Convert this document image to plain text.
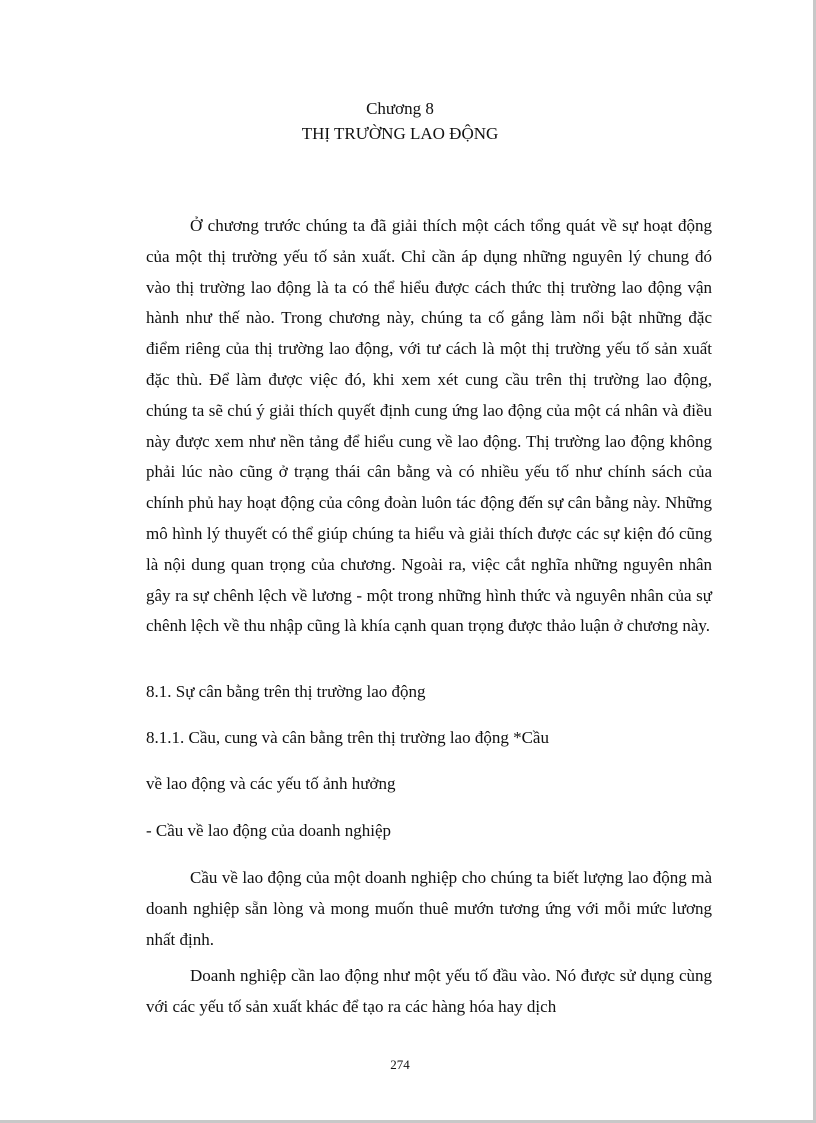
Chương 8
THỊ TRƯỜNG LAO ĐỘNG

Ở chương trước chúng ta đã giải thích một cách tổng quát về sự hoạt động của một thị trường yếu tố sản xuất. Chỉ cần áp dụng những nguyên lý chung đó vào thị trường lao động là ta có thể hiểu được cách thức thị trường lao động vận hành như thế nào. Trong chương này, chúng ta cố gắng làm nổi bật những đặc điểm riêng của thị trường lao động, với tư cách là một thị trường yếu tố sản xuất đặc thù. Để làm được việc đó, khi xem xét cung cầu trên thị trường lao động, chúng ta sẽ chú ý giải thích quyết định cung ứng lao động của một cá nhân và điều này được xem như nền tảng để hiểu cung về lao động. Thị trường lao động không phải lúc nào cũng ở trạng thái cân bằng và có nhiều yếu tố như chính sách của chính phủ hay hoạt động của công đoàn luôn tác động đến sự cân bằng này. Những mô hình lý thuyết có thể giúp chúng ta hiểu và giải thích được các sự kiện đó cũng là nội dung quan trọng của chương. Ngoài ra, việc cắt nghĩa những nguyên nhân gây ra sự chênh lệch về lương - một trong những hình thức và nguyên nhân của sự chênh lệch về thu nhập cũng là khía cạnh quan trọng được thảo luận ở chương này.

8.1. Sự cân bằng trên thị trường lao động
8.1.1. Cầu, cung và cân bằng trên thị trường lao động *Cầu
về lao động và các yếu tố ảnh hưởng
- Cầu về lao động của doanh nghiệp

Cầu về lao động của một doanh nghiệp cho chúng ta biết lượng lao động mà doanh nghiệp sẵn lòng và mong muốn thuê mướn tương ứng với mỗi mức lương nhất định.

Doanh nghiệp cần lao động như một yếu tố đầu vào. Nó được sử dụng cùng với các yếu tố sản xuất khác để tạo ra các hàng hóa hay dịch

274
